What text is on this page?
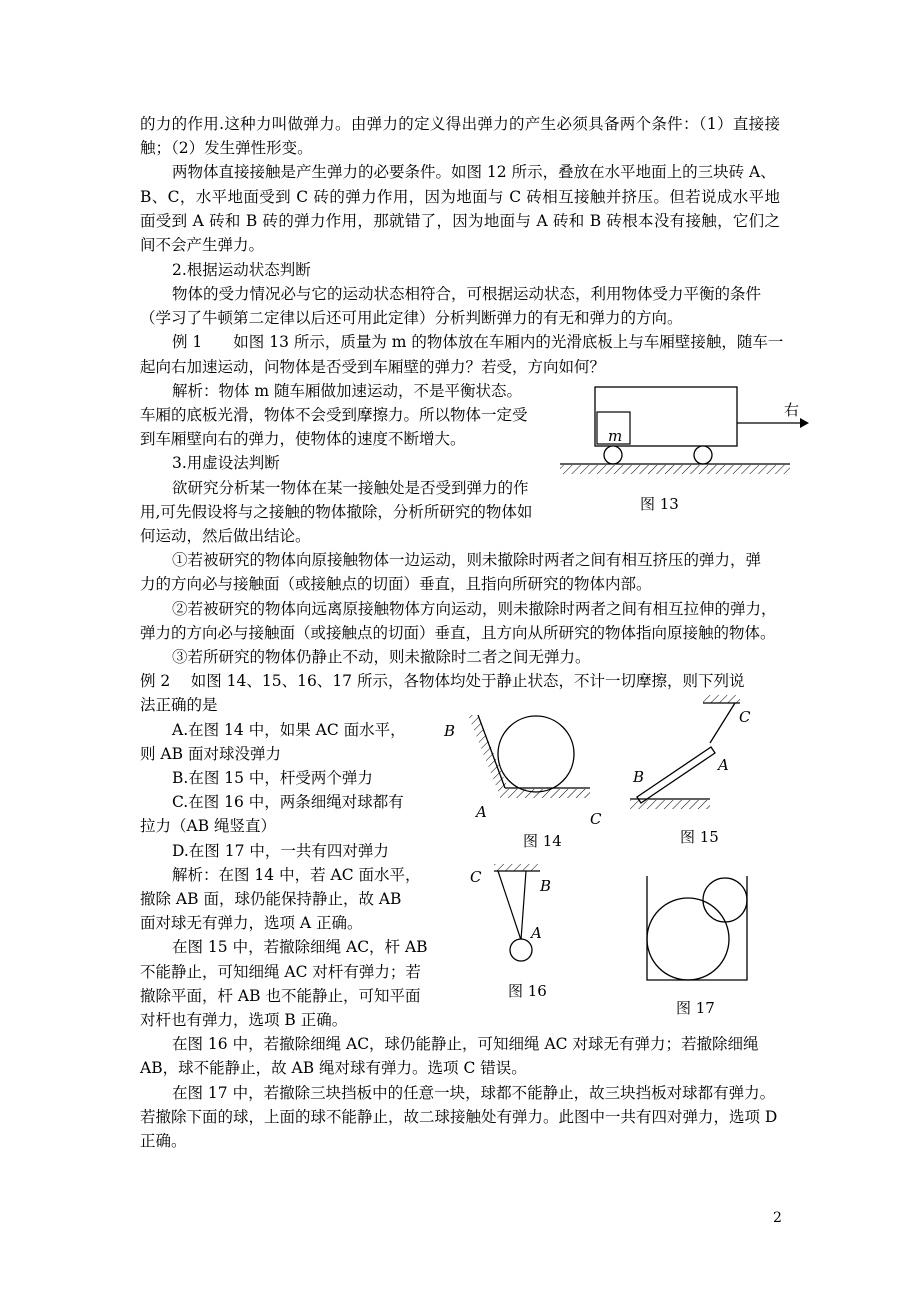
的力的作用.这种力叫做弹力。由弹力的定义得出弹力的产生必须具备两个条件：（1）直接接
触；（2）发生弹性形变。
两物体直接接触是产生弹力的必要条件。如图 12 所示，叠放在水平地面上的三块砖 A、
B、C，水平地面受到 C 砖的弹力作用，因为地面与 C 砖相互接触并挤压。但若说成水平地
面受到 A 砖和 B 砖的弹力作用，那就错了，因为地面与 A 砖和 B 砖根本没有接触，它们之
间不会产生弹力。
2.根据运动状态判断
物体的受力情况必与它的运动状态相符合，可根据运动状态，利用物体受力平衡的条件
（学习了牛顿第二定律以后还可用此定律）分析判断弹力的有无和弹力的方向。
例 1　　如图 13 所示，质量为 m 的物体放在车厢内的光滑底板上与车厢壁接触，随车一
起向右加速运动，问物体是否受到车厢壁的弹力？若受，方向如何？
解析：物体 m 随车厢做加速运动，不是平衡状态。
车厢的底板光滑，物体不会受到摩擦力。所以物体一定受
到车厢壁向右的弹力，使物体的速度不断增大。
3.用虚设法判断
欲研究分析某一物体在某一接触处是否受到弹力的作
用,可先假设将与之接触的物体撤除，分析所研究的物体如
何运动，然后做出结论。
①若被研究的物体向原接触物体一边运动，则未撤除时两者之间有相互挤压的弹力，弹
力的方向必与接触面（或接触点的切面）垂直，且指向所研究的物体内部。
②若被研究的物体向远离原接触物体方向运动，则未撤除时两者之间有相互拉伸的弹力，
弹力的方向必与接触面（或接触点的切面）垂直，且方向从所研究的物体指向原接触的物体。
③若所研究的物体仍静止不动，则未撤除时二者之间无弹力。
例 2　 如图 14、15、16、17 所示，各物体均处于静止状态，不计一切摩擦，则下列说
法正确的是
A.在图 14 中，如果 AC 面水平，
则 AB 面对球没弹力
B.在图 15 中，杆受两个弹力
C.在图 16 中，两条细绳对球都有
拉力（AB 绳竖直）
D.在图 17 中，一共有四对弹力
解析：在图 14 中，若 AC 面水平，
撤除 AB 面，球仍能保持静止，故 AB
面对球无有弹力，选项 A 正确。
在图 15 中，若撤除细绳 AC，杆 AB
不能静止，可知细绳 AC 对杆有弹力；若
撤除平面，杆 AB 也不能静止，可知平面
对杆也有弹力，选项 B 正确。
在图 16 中，若撤除细绳 AC，球仍能静止，可知细绳 AC 对球无有弹力；若撤除细绳
AB，球不能静止，故 AB 绳对球有弹力。选项 C 错误。
在图 17 中，若撤除三块挡板中的任意一块，球都不能静止，故三块挡板对球都有弹力。
若撤除下面的球，上面的球不能静止，故二球接触处有弹力。此图中一共有四对弹力，选项 D
正确。
m
右
图 13
B
A	C
图 14
C
A
B
图 15
C	B
A
图 16
图 17
2
